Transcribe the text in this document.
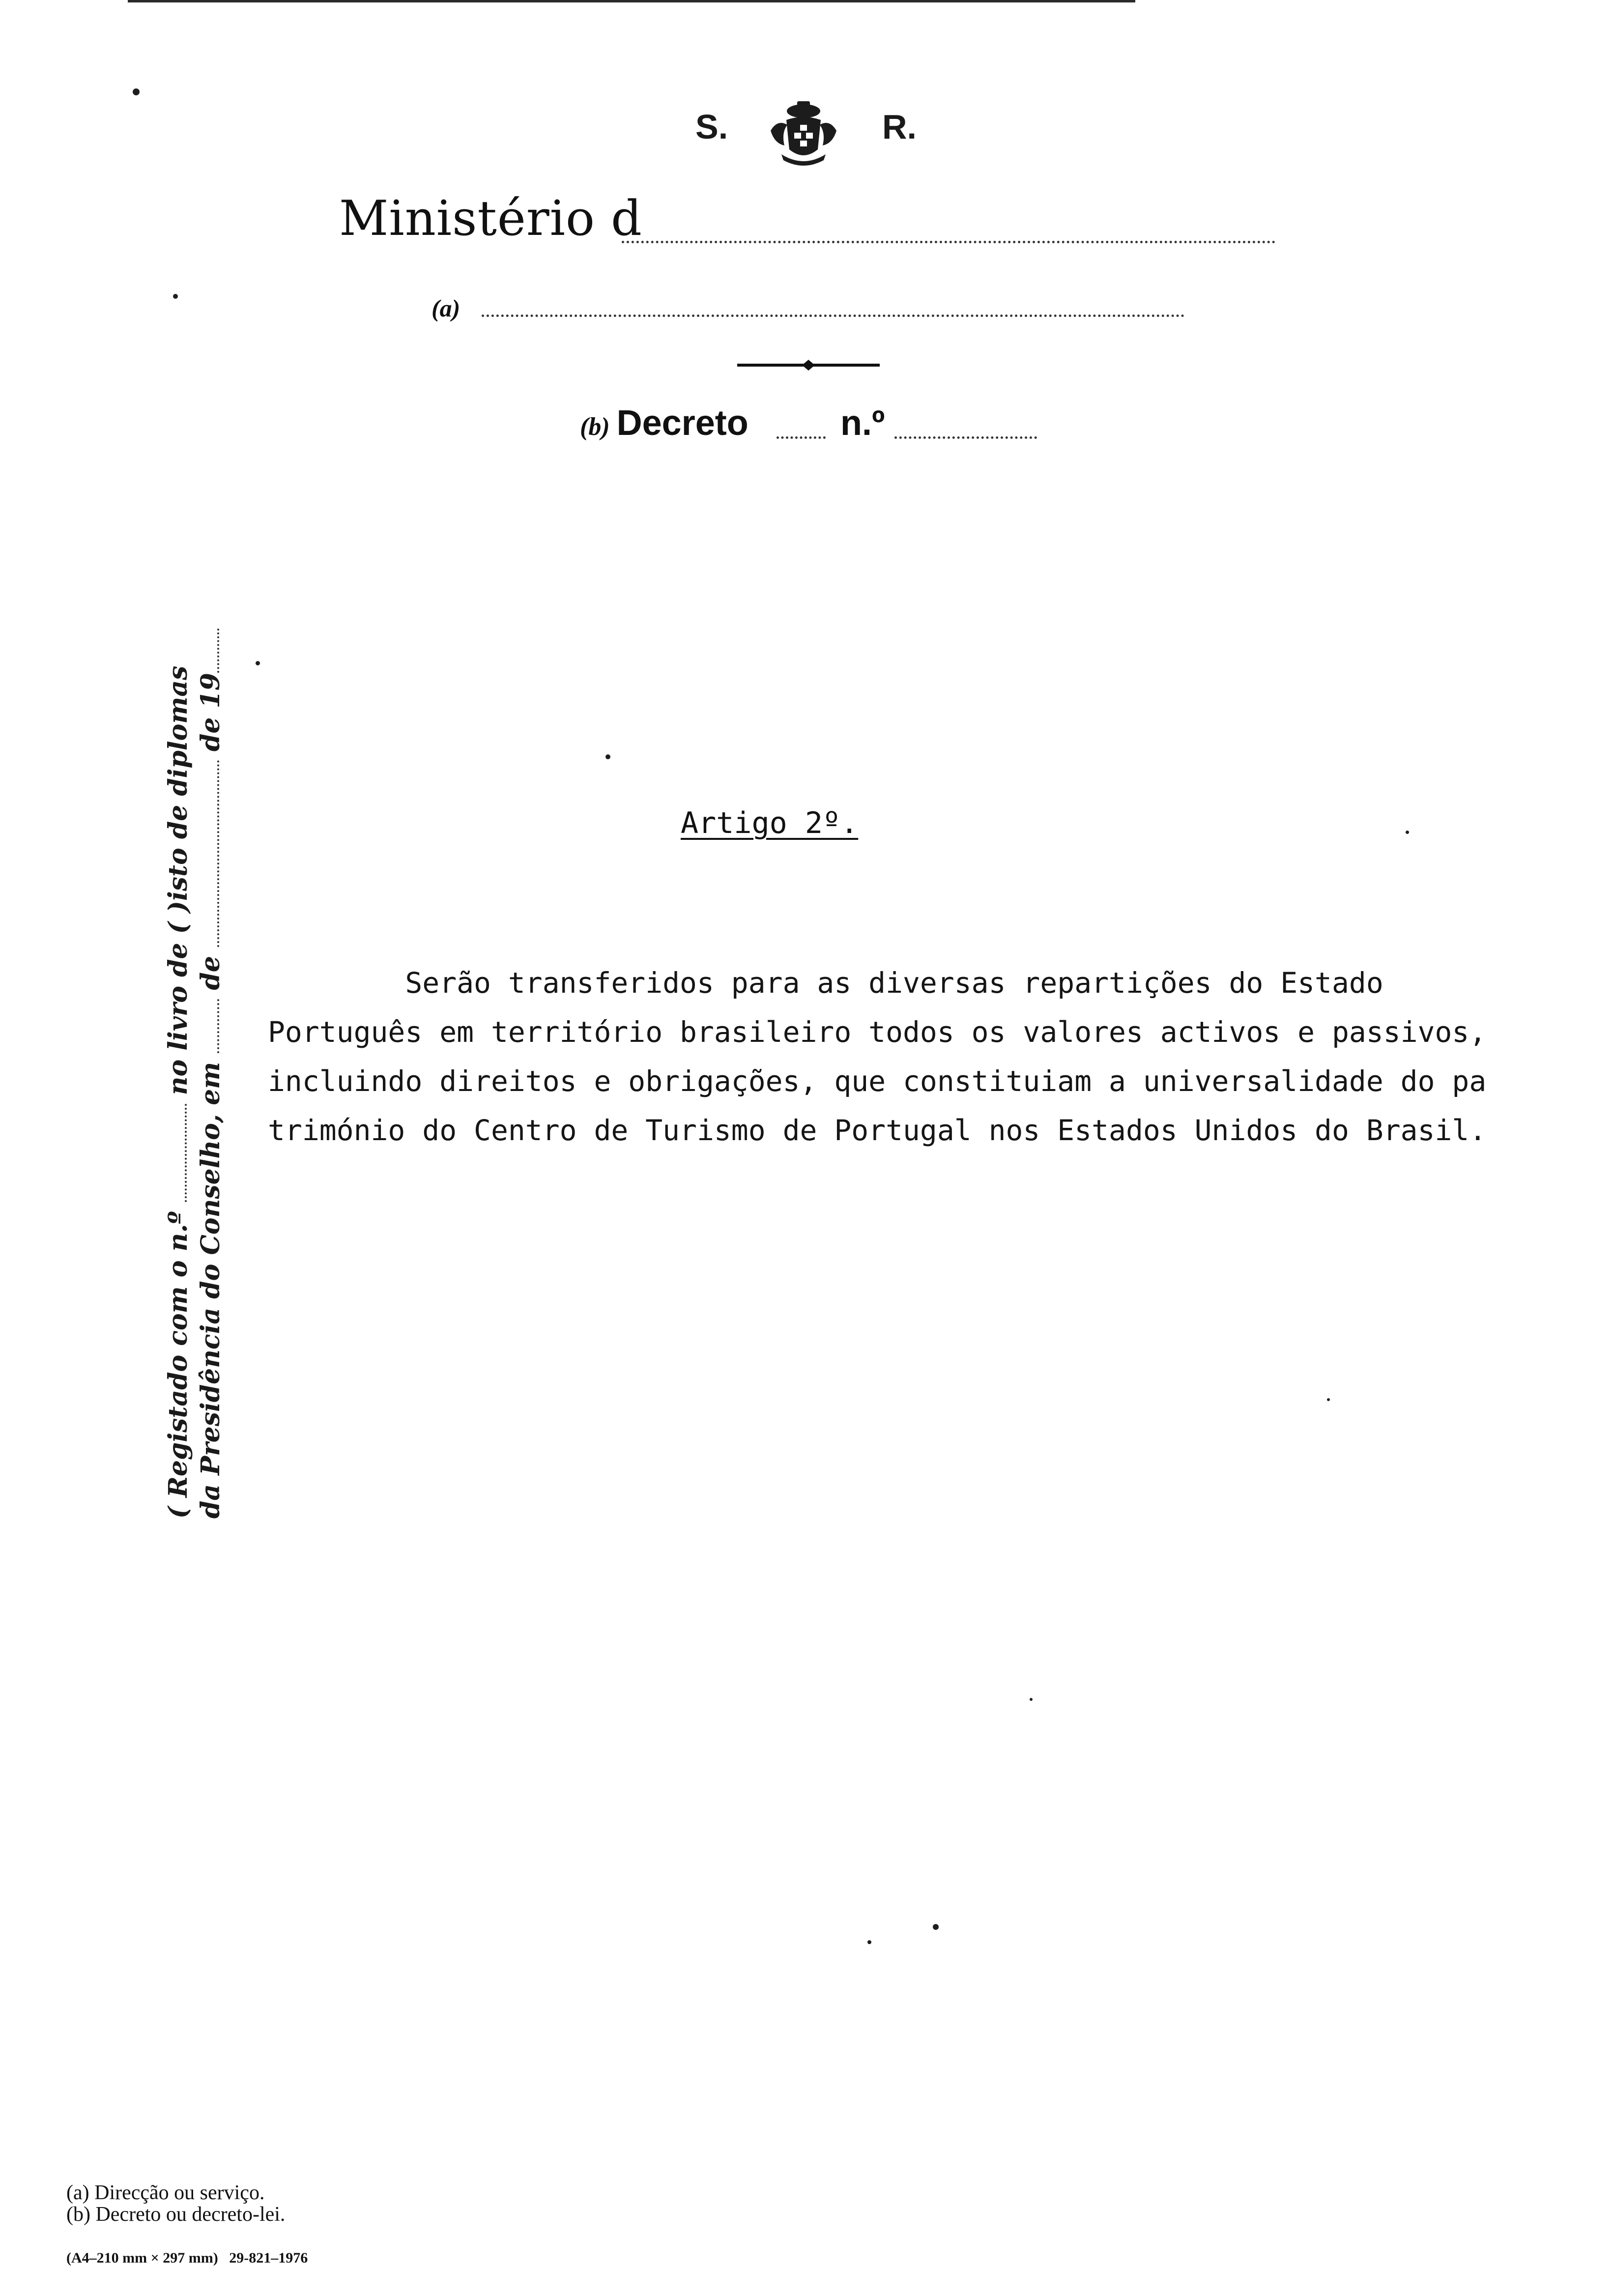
S.	R.
Ministério d
(a)
(b) Decreto	n.º
( Registado com o n.º  no livro de ( )isto de diplomas
da Presidência do Conselho, em  de  de 19
Artigo 2º.
Serão transferidos para as diversas repartições do Estado
Português em território brasileiro todos os valores activos e passivos,
incluindo direitos e obrigações, que constituiam a universalidade do pa
trimónio do Centro de Turismo de Portugal nos Estados Unidos do Brasil.
(a) Direcção ou serviço.
(b) Decreto ou decreto-lei.
(A4–210 mm × 297 mm)   29-821–1976
